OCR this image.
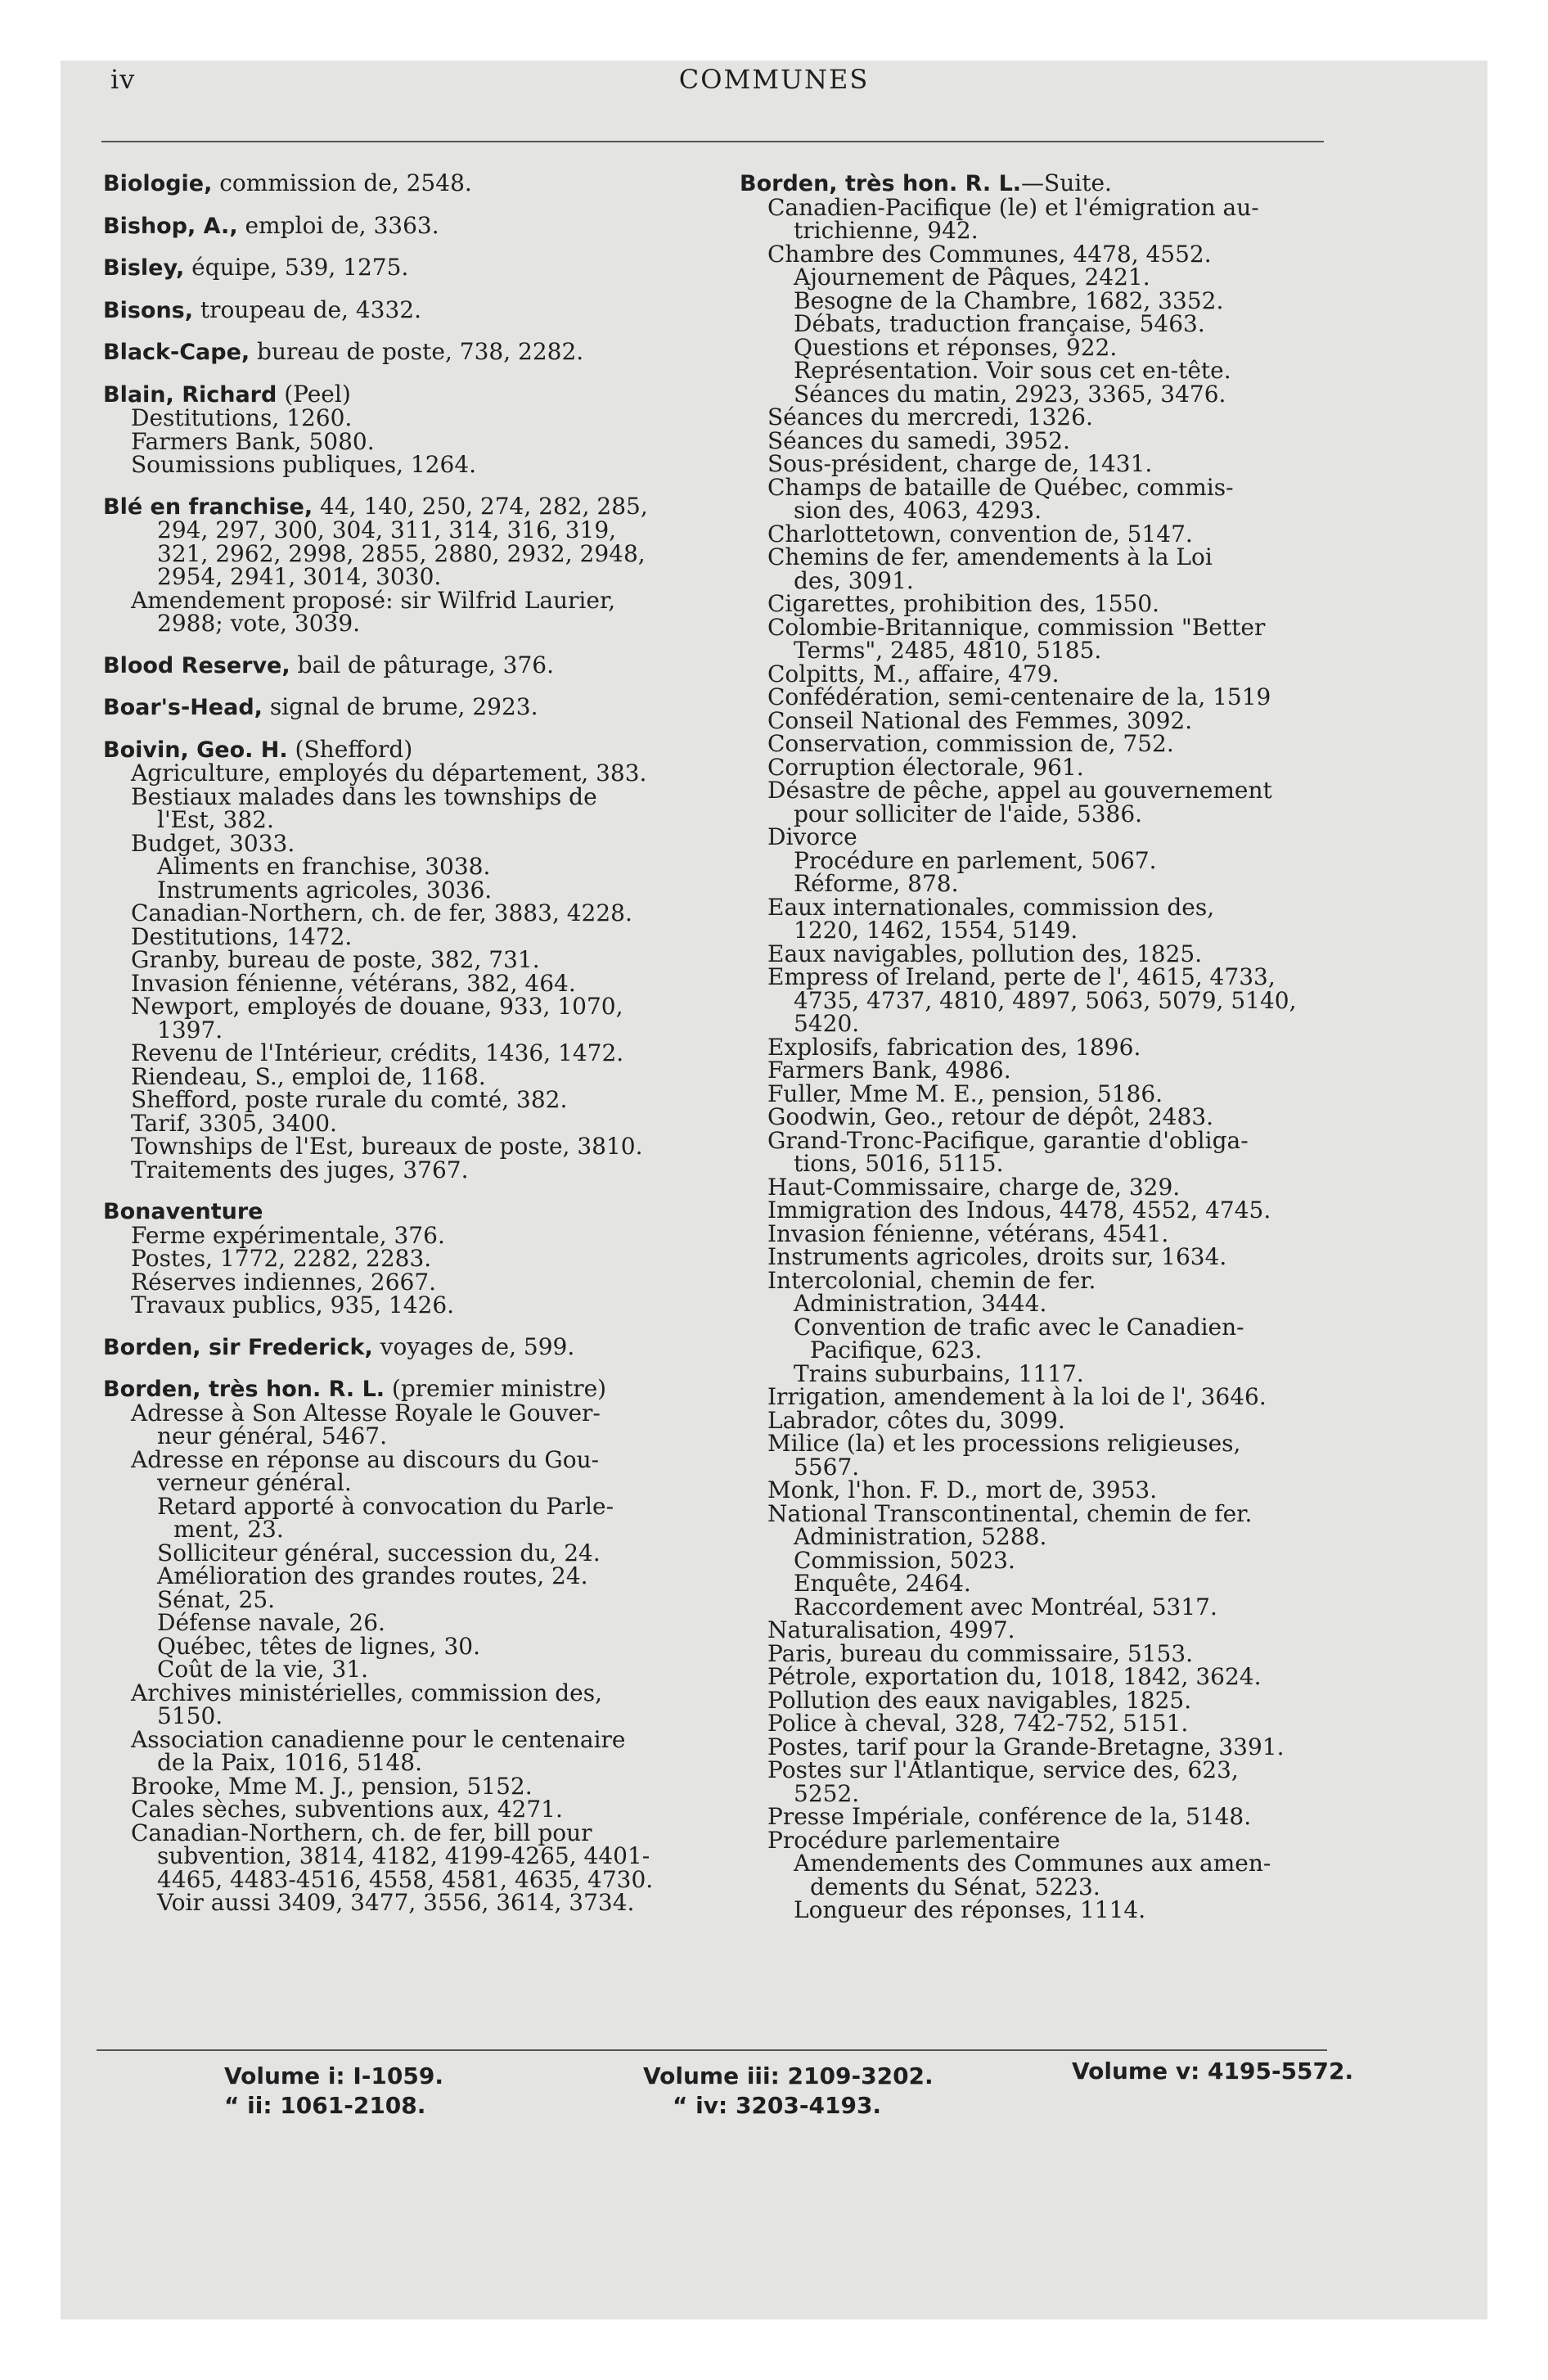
iv	COMMUNES
Biologie, commission de, 2548.
Bishop, A., emploi de, 3363.
Bisley, équipe, 539, 1275.
Bisons, troupeau de, 4332.
Black-Cape, bureau de poste, 738, 2282.
Blain, Richard (Peel)
Destitutions, 1260.
Farmers Bank, 5080.
Soumissions publiques, 1264.
Blé en franchise, 44, 140, 250, 274, 282, 285,
294, 297, 300, 304, 311, 314, 316, 319,
321, 2962, 2998, 2855, 2880, 2932, 2948,
2954, 2941, 3014, 3030.
Amendement proposé: sir Wilfrid Laurier,
2988; vote, 3039.
Blood Reserve, bail de pâturage, 376.
Boar's-Head, signal de brume, 2923.
Boivin, Geo. H. (Shefford)
Agriculture, employés du département, 383.
Bestiaux malades dans les townships de
l'Est, 382.
Budget, 3033.
Aliments en franchise, 3038.
Instruments agricoles, 3036.
Canadian-Northern, ch. de fer, 3883, 4228.
Destitutions, 1472.
Granby, bureau de poste, 382, 731.
Invasion fénienne, vétérans, 382, 464.
Newport, employés de douane, 933, 1070,
1397.
Revenu de l'Intérieur, crédits, 1436, 1472.
Riendeau, S., emploi de, 1168.
Shefford, poste rurale du comté, 382.
Tarif, 3305, 3400.
Townships de l'Est, bureaux de poste, 3810.
Traitements des juges, 3767.
Bonaventure
Ferme expérimentale, 376.
Postes, 1772, 2282, 2283.
Réserves indiennes, 2667.
Travaux publics, 935, 1426.
Borden, sir Frederick, voyages de, 599.
Borden, très hon. R. L. (premier ministre)
Adresse à Son Altesse Royale le Gouver-
neur général, 5467.
Adresse en réponse au discours du Gou-
verneur général.
Retard apporté à convocation du Parle-
ment, 23.
Solliciteur général, succession du, 24.
Amélioration des grandes routes, 24.
Sénat, 25.
Défense navale, 26.
Québec, têtes de lignes, 30.
Coût de la vie, 31.
Archives ministérielles, commission des,
5150.
Association canadienne pour le centenaire
de la Paix, 1016, 5148.
Brooke, Mme M. J., pension, 5152.
Cales sèches, subventions aux, 4271.
Canadian-Northern, ch. de fer, bill pour
subvention, 3814, 4182, 4199-4265, 4401-
4465, 4483-4516, 4558, 4581, 4635, 4730.
Voir aussi 3409, 3477, 3556, 3614, 3734.
Borden, très hon. R. L.—Suite.
Canadien-Pacifique (le) et l'émigration au-
trichienne, 942.
Chambre des Communes, 4478, 4552.
Ajournement de Pâques, 2421.
Besogne de la Chambre, 1682, 3352.
Débats, traduction française, 5463.
Questions et réponses, 922.
Représentation. Voir sous cet en-tête.
Séances du matin, 2923, 3365, 3476.
Séances du mercredi, 1326.
Séances du samedi, 3952.
Sous-président, charge de, 1431.
Champs de bataille de Québec, commis-
sion des, 4063, 4293.
Charlottetown, convention de, 5147.
Chemins de fer, amendements à la Loi
des, 3091.
Cigarettes, prohibition des, 1550.
Colombie-Britannique, commission "Better
Terms", 2485, 4810, 5185.
Colpitts, M., affaire, 479.
Confédération, semi-centenaire de la, 1519
Conseil National des Femmes, 3092.
Conservation, commission de, 752.
Corruption électorale, 961.
Désastre de pêche, appel au gouvernement
pour solliciter de l'aide, 5386.
Divorce
Procédure en parlement, 5067.
Réforme, 878.
Eaux internationales, commission des,
1220, 1462, 1554, 5149.
Eaux navigables, pollution des, 1825.
Empress of Ireland, perte de l', 4615, 4733,
4735, 4737, 4810, 4897, 5063, 5079, 5140,
5420.
Explosifs, fabrication des, 1896.
Farmers Bank, 4986.
Fuller, Mme M. E., pension, 5186.
Goodwin, Geo., retour de dépôt, 2483.
Grand-Tronc-Pacifique, garantie d'obliga-
tions, 5016, 5115.
Haut-Commissaire, charge de, 329.
Immigration des Indous, 4478, 4552, 4745.
Invasion fénienne, vétérans, 4541.
Instruments agricoles, droits sur, 1634.
Intercolonial, chemin de fer.
Administration, 3444.
Convention de trafic avec le Canadien-
Pacifique, 623.
Trains suburbains, 1117.
Irrigation, amendement à la loi de l', 3646.
Labrador, côtes du, 3099.
Milice (la) et les processions religieuses,
5567.
Monk, l'hon. F. D., mort de, 3953.
National Transcontinental, chemin de fer.
Administration, 5288.
Commission, 5023.
Enquête, 2464.
Raccordement avec Montréal, 5317.
Naturalisation, 4997.
Paris, bureau du commissaire, 5153.
Pétrole, exportation du, 1018, 1842, 3624.
Pollution des eaux navigables, 1825.
Police à cheval, 328, 742-752, 5151.
Postes, tarif pour la Grande-Bretagne, 3391.
Postes sur l'Atlantique, service des, 623,
5252.
Presse Impériale, conférence de la, 5148.
Procédure parlementaire
Amendements des Communes aux amen-
dements du Sénat, 5223.
Longueur des réponses, 1114.
Volume i: I-1059.
“ ii: 1061-2108.
Volume iii: 2109-3202.
“ iv: 3203-4193.
Volume v: 4195-5572.
